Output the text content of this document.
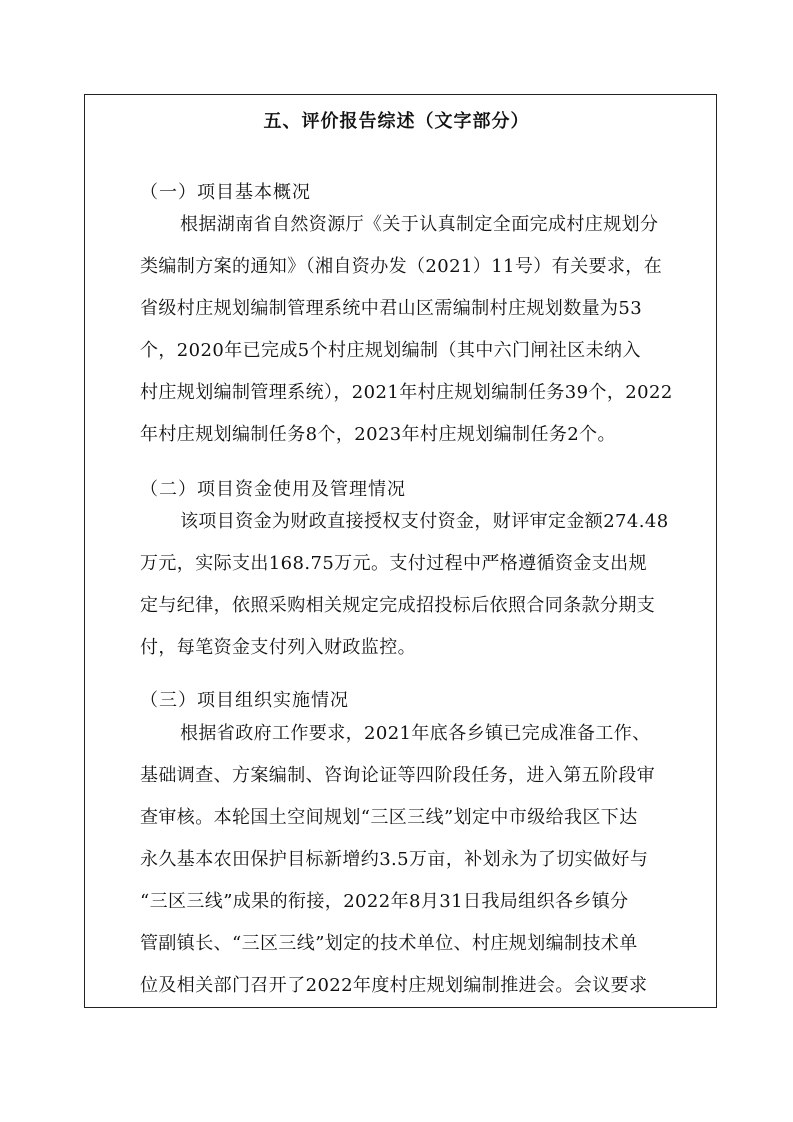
五、评价报告综述（文字部分）
（一）项目基本概况
根据湖南省自然资源厅《关于认真制定全面完成村庄规划分
类编制方案的通知》（湘自资办发（2021）11号）有关要求，在
省级村庄规划编制管理系统中君山区需编制村庄规划数量为53
个，2020年已完成5个村庄规划编制（其中六门闸社区未纳入
村庄规划编制管理系统），2021年村庄规划编制任务39个，2022
年村庄规划编制任务8个，2023年村庄规划编制任务2个。
（二）项目资金使用及管理情况
该项目资金为财政直接授权支付资金，财评审定金额274.48
万元，实际支出168.75万元。支付过程中严格遵循资金支出规
定与纪律，依照采购相关规定完成招投标后依照合同条款分期支
付，每笔资金支付列入财政监控。
（三）项目组织实施情况
根据省政府工作要求，2021年底各乡镇已完成准备工作、
基础调查、方案编制、咨询论证等四阶段任务，进入第五阶段审
查审核。本轮国土空间规划“三区三线”划定中市级给我区下达
永久基本农田保护目标新增约3.5万亩，补划永为了切实做好与
“三区三线”成果的衔接，2022年8月31日我局组织各乡镇分
管副镇长、“三区三线”划定的技术单位、村庄规划编制技术单
位及相关部门召开了2022年度村庄规划编制推进会。会议要求
